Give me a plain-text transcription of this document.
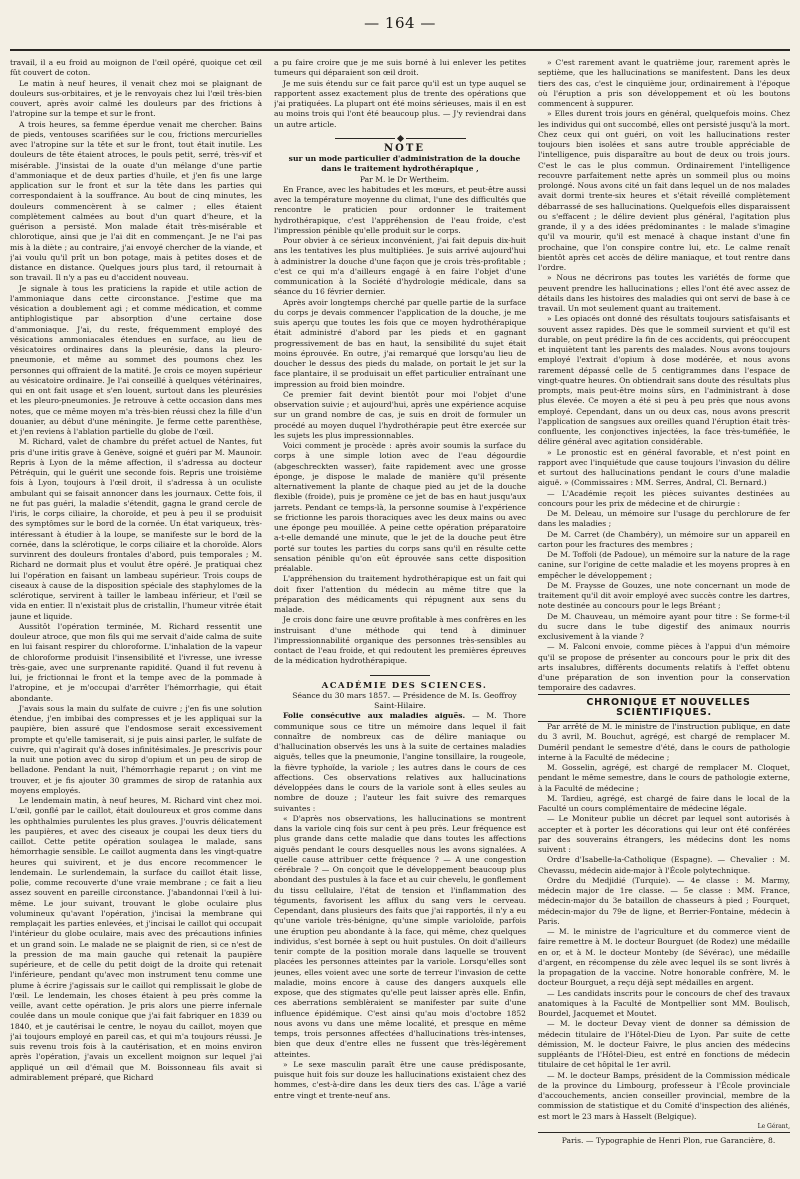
— 164 —

travail, il a eu froid au moignon de l'œil opéré, quoique cet œil fût couvert de coton.

Le matin à neuf heures, il venait chez moi se plaignant de douleurs sus-orbitaires, et je le renvoyais chez lui l'œil très-bien couvert, après avoir calmé les douleurs par des frictions à l'atropine sur la tempe et sur le front.

A trois heures, sa femme éperdue venait me chercher. Bains de pieds, ventouses scarifiées sur le cou, frictions mercurielles avec l'atropine sur la tête et sur le front, tout était inutile. Les douleurs de tête étaient atroces, le pouls petit, serré, très-vif et misérable. J'insistai de la ouate d'un mélange d'une partie d'ammoniaque et de deux parties d'huile, et j'en fis une large application sur le front et sur la tête dans les parties qui correspondaient à la souffrance. Au bout de cinq minutes, les douleurs commencèrent à se calmer ; elles étaient complètement calmées au bout d'un quart d'heure, et la guérison a persisté. Mon malade était très-misérable et chlorotique, ainsi que je l'ai dit en commençant. Je ne l'ai pas mis à la diète ; au contraire, j'ai envoyé chercher de la viande, et j'ai voulu qu'il prît un bon potage, mais à petites doses et de distance en distance. Quelques jours plus tard, il retournait à son travail. Il n'y a pas eu d'accident nouveau.

Je signale à tous les praticiens la rapide et utile action de l'ammoniaque dans cette circonstance. J'estime que ma vésication a doublement agi ; et comme médication, et comme antiphlogistique par absorption d'une certaine dose d'ammoniaque. J'ai, du reste, fréquemment employé des vésications ammoniacales étendues en surface, au lieu de vésicatoires ordinaires dans la pleurésie, dans la pleuro-pneumonie, et même au sommet des poumons chez les personnes qui offraient de la matité. Je crois ce moyen supérieur au vésicatoire ordinaire. Je l'ai conseillé à quelques vétérinaires, qui en ont fait usage et s'en louent, surtout dans les pleurésies et les pleuro-pneumonies. Je retrouve à cette occasion dans mes notes, que ce même moyen m'a très-bien réussi chez la fille d'un douanier, au début d'une méningite. Je ferme cette parenthèse, et j'en reviens à l'ablation partielle du globe de l'œil.

M. Richard, valet de chambre du préfet actuel de Nantes, fut pris d'une iritis grave à Genève, soigné et guéri par M. Maunoir. Repris à Lyon de la même affection, il s'adressa au docteur Pétréquin, qui le guérit une seconde fois. Repris une troisième fois à Lyon, toujours à l'œil droit, il s'adressa à un oculiste ambulant qui se faisait annoncer dans les journaux. Cette fois, il ne fut pas guéri, la maladie s'étendit, gagna le grand cercle de l'iris, le corps ciliaire, la choroïde, et peu à peu il se produisit des symptômes sur le bord de la cornée. Un état variqueux, très-intéressant à étudier à la loupe, se manifeste sur le bord de la cornée, dans la sclérotique, le corps ciliaire et la choroïde. Alors survinrent des douleurs frontales d'abord, puis temporales ; M. Richard ne dormait plus et voulut être opéré. Je pratiquai chez lui l'opération en faisant un lambeau supérieur. Trois coups de ciseaux à cause de la disposition spéciale des staphylomes de la sclérotique, servirent à tailler le lambeau inférieur, et l'œil se vida en entier. Il n'existait plus de cristallin, l'humeur vitrée était jaune et liquide.

Aussitôt l'opération terminée, M. Richard ressentit une douleur atroce, que mon fils qui me servait d'aide calma de suite en lui faisant respirer du chloroforme. L'inhalation de la vapeur de chloroforme produisit l'insensibilité et l'ivresse, une ivresse très-gaie, avec une surprenante rapidité. Quand il fut revenu à lui, je frictionnai le front et la tempe avec de la pommade à l'atropine, et je m'occupai d'arrêter l'hémorrhagie, qui était abondante.

J'avais sous la main du sulfate de cuivre ; j'en fis une solution étendue, j'en imbibai des compresses et je les appliquai sur la paupière, bien assuré que l'endosmose serait excessivement prompte et qu'elle tamiserait, si je puis ainsi parler, le sulfate de cuivre, qui n'agirait qu'à doses infinitésimales. Je prescrivis pour la nuit une potion avec du sirop d'opium et un peu de sirop de belladone. Pendant la nuit, l'hémorrhagie reparut ; on vint me trouver, et je fis ajouter 30 grammes de sirop de ratanhia aux moyens employés.

Le lendemain matin, à neuf heures, M. Richard vint chez moi. L'œil, gonflé par le caillot, était douloureux et gros comme dans les ophthalmies purulentes les plus graves. J'ouvris délicatement les paupières, et avec des ciseaux je coupai les deux tiers du caillot. Cette petite opération soulagea le malade, sans hémorrhagie sensible. Le caillot augmenta dans les vingt-quatre heures qui suivirent, et je dus encore recommencer le lendemain. Le surlendemain, la surface du caillot était lisse, polie, comme recouverte d'une vraie membrane ; ce fait a lieu assez souvent en pareille circonstance. J'abandonnai l'œil à lui-même. Le jour suivant, trouvant le globe oculaire plus volumineux qu'avant l'opération, j'incisai la membrane qui remplaçait les parties enlevées, et j'incisai le caillot qui occupait l'intérieur du globe oculaire, mais avec des précautions infinies et un grand soin. Le malade ne se plaignit de rien, si ce n'est de la pression de ma main gauche qui retenait la paupière supérieure, et de celle du petit doigt de la droite qui retenait l'inférieure, pendant qu'avec mon instrument tenu comme une plume à écrire j'agissais sur le caillot qui remplissait le globe de l'œil. Le lendemain, les choses étaient à peu près comme la veille, avant cette opération. Je pris alors une pierre infernale coulée dans un moule conique que j'ai fait fabriquer en 1839 ou 1840, et je cautérisai le centre, le noyau du caillot, moyen que j'ai toujours employé en pareil cas, et qui m'a toujours réussi. Je suis revenu trois fois à la cautérisation, et en moins environ après l'opération, j'avais un excellent moignon sur lequel j'ai appliqué un œil d'émail que M. Boissonneau fils avait si admirablement préparé, que Richard

a pu faire croire que je me suis borné à lui enlever les petites tumeurs qui déparaient son œil droit.

Je me suis étendu sur ce fait parce qu'il est un type auquel se rapportent assez exactement plus de trente des opérations que j'ai pratiquées. La plupart ont été moins sérieuses, mais il en est au moins trois qui l'ont été beaucoup plus. — J'y reviendrai dans un autre article.

NOTE

sur un mode particulier d'administration de la douche dans le traitement hydrothérapique ,

Par M. le Dr Wertheim.

En France, avec les habitudes et les mœurs, et peut-être aussi avec la température moyenne du climat, l'une des difficultés que rencontre le praticien pour ordonner le traitement hydrothérapique, c'est l'appréhension de l'eau froide, c'est l'impression pénible qu'elle produit sur le corps.

Pour obvier à ce sérieux inconvénient, j'ai fait depuis dix-huit ans les tentatives les plus multipliées. Je suis arrivé aujourd'hui à administrer la douche d'une façon que je crois très-profitable ; c'est ce qui m'a d'ailleurs engagé à en faire l'objet d'une communication à la Société d'hydrologie médicale, dans sa séance du 16 février dernier.

Après avoir longtemps cherché par quelle partie de la surface du corps je devais commencer l'application de la douche, je me suis aperçu que toutes les fois que ce moyen hydrothérapique était administré d'abord par les pieds et en gagnant progressivement de bas en haut, la sensibilité du sujet était moins éprouvée. En outre, j'ai remarqué que lorsqu'au lieu de doucher le dessus des pieds du malade, on portait le jet sur la face plantaire, il se produisait un effet particulier entraînant une impression au froid bien moindre.

Ce premier fait devint bientôt pour moi l'objet d'une observation suivie ; et aujourd'hui, après une expérience acquise sur un grand nombre de cas, je suis en droit de formuler un procédé au moyen duquel l'hydrothérapie peut être exercée sur les sujets les plus impressionnables.

Voici comment je procède : après avoir soumis la surface du corps à une simple lotion avec de l'eau dégourdie (abgeschreckten wasser), faite rapidement avec une grosse éponge, je dispose le malade de manière qu'il présente alternativement la plante de chaque pied au jet de la douche flexible (froide), puis je promène ce jet de bas en haut jusqu'aux jarrets. Pendant ce temps-là, la personne soumise à l'expérience se frictionne les parois thoraciques avec les deux mains ou avec une éponge peu mouillée. A peine cette opération préparatoire a-t-elle demandé une minute, que le jet de la douche peut être porté sur toutes les parties du corps sans qu'il en résulte cette sensation pénible qu'on eût éprouvée sans cette disposition préalable.

L'appréhension du traitement hydrothérapique est un fait qui doit fixer l'attention du médecin au même titre que la préparation des médicaments qui répugnent aux sens du malade.

Je crois donc faire une œuvre profitable à mes confrères en les instruisant d'une méthode qui tend à diminuer l'impressionnabilité organique des personnes très-sensibles au contact de l'eau froide, et qui redoutent les premières épreuves de la médication hydrothérapique.

ACADÉMIE DES SCIENCES.

Séance du 30 mars 1857. — Présidence de M. Is. Geoffroy Saint-Hilaire.

Folie consécutive aux maladies aiguës. — M. Thore communique sous ce titre un mémoire dans lequel il fait connaître de nombreux cas de délire maniaque ou d'hallucination observés les uns à la suite de certaines maladies aiguës, telles que la pneumonie, l'angine tonsillaire, la rougeole, la fièvre typhoïde, la variole ; les autres dans le cours de ces affections. Ces observations relatives aux hallucinations développées dans le cours de la variole sont à elles seules au nombre de douze ; l'auteur les fait suivre des remarques suivantes :

« D'après nos observations, les hallucinations se montrent dans la variole cinq fois sur cent à peu près. Leur fréquence est plus grande dans cette maladie que dans toutes les affections aiguës pendant le cours desquelles nous les avons signalées. A quelle cause attribuer cette fréquence ? — A une congestion cérébrale ? — On conçoit que le développement beaucoup plus abondant des pustules à la face et au cuir chevelu, le gonflement du tissu cellulaire, l'état de tension et l'inflammation des téguments, favorisent les afflux du sang vers le cerveau. Cependant, dans plusieurs des faits que j'ai rapportés, il n'y a eu qu'une variole très-bénigne, qu'une simple varioloïde, parfois une éruption peu abondante à la face, qui même, chez quelques individus, s'est bornée à sept ou huit pustules. On doit d'ailleurs tenir compte de la position morale dans laquelle se trouvent placées les personnes atteintes par la variole. Lorsqu'elles sont jeunes, elles voient avec une sorte de terreur l'invasion de cette maladie, moins encore à cause des dangers auxquels elle expose, que des stigmates qu'elle peut laisser après elle. Enfin, ces aberrations semblèraient se manifester par suite d'une influence épidémique. C'est ainsi qu'au mois d'octobre 1852 nous avons vu dans une même localité, et presque en même temps, trois personnes affectées d'hallucinations très-intenses, bien que deux d'entre elles ne fussent que très-légèrement atteintes.

» Le sexe masculin paraît être une cause prédisposante, puisque huit fois sur douze les hallucinations existaient chez des hommes, c'est-à-dire dans les deux tiers des cas. L'âge a varié entre vingt et trente-neuf ans.

» C'est rarement avant le quatrième jour, rarement après le septième, que les hallucinations se manifestent. Dans les deux tiers des cas, c'est le cinquième jour, ordinairement à l'époque où l'éruption a pris son développement et où les boutons commencent à suppurer.

» Elles durent trois jours en général, quelquefois moins. Chez les individus qui ont succombé, elles ont persisté jusqu'à la mort. Chez ceux qui ont guéri, on voit les hallucinations rester toujours bien isolées et sans autre trouble appréciable de l'intelligence, puis disparaître au bout de deux ou trois jours. C'est le cas le plus commun. Ordinairement l'intelligence recouvre parfaitement nette après un sommeil plus ou moins prolongé. Nous avons cité un fait dans lequel un de nos malades avait dormi trente-six heures et s'était réveillé complètement débarrassé de ses hallucinations. Quelquefois elles disparaissent ou s'effacent ; le délire devient plus général, l'agitation plus grande, il y a des idées prédominantes : le malade s'imagine qu'il va mourir, qu'il est menacé à chaque instant d'une fin prochaine, que l'on conspire contre lui, etc. Le calme renaît bientôt après cet accès de délire maniaque, et tout rentre dans l'ordre.

» Nous ne décrirons pas toutes les variétés de forme que peuvent prendre les hallucinations ; elles l'ont été avec assez de détails dans les histoires des maladies qui ont servi de base à ce travail. Un mot seulement quant au traitement.

» Les opiacés ont donné des résultats toujours satisfaisants et souvent assez rapides. Dès que le sommeil survient et qu'il est durable, on peut prédire la fin de ces accidents, qui préoccupent et inquiètent tant les parents des malades. Nous avons toujours employé l'extrait d'opium à dose modérée, et nous avons rarement dépassé celle de 5 centigrammes dans l'espace de vingt-quatre heures. On obtiendrait sans doute des résultats plus prompts, mais peut-être moins sûrs, en l'administrant à dose plus élevée. Ce moyen a été si peu à peu près que nous avons employé. Cependant, dans un ou deux cas, nous avons prescrit l'application de sangsues aux oreilles quand l'éruption était très-confluente, les conjonctives injectées, la face très-tuméfiée, le délire général avec agitation considérable.

» Le pronostic est en général favorable, et n'est point en rapport avec l'inquiétude que cause toujours l'invasion du délire et surtout des hallucinations pendant le cours d'une maladie aiguë. » (Commissaires : MM. Serres, Andral, Cl. Bernard.)

— L'Académie reçoit les pièces suivantes destinées au concours pour les prix de médecine et de chirurgie :

De M. Deleau, un mémoire sur l'usage du perchlorure de fer dans les maladies ;

De M. Carret (de Chambéry), un mémoire sur un appareil en carton pour les fractures des membres ;

De M. Toffoli (de Padoue), un mémoire sur la nature de la rage canine, sur l'origine de cette maladie et les moyens propres à en empêcher le développement ;

De M. Fraysse de Gouzes, une note concernant un mode de traitement qu'il dit avoir employé avec succès contre les dartres, note destinée au concours pour le legs Bréant ;

De M. Chauveau, un mémoire ayant pour titre : Se forme-t-il du sucre dans le tube digestif des animaux nourris exclusivement à la viande ?

— M. Falconi envoie, comme pièces à l'appui d'un mémoire qu'il se propose de présenter au concours pour le prix dit des arts insalubres, différents documents relatifs à l'effet obtenu d'une préparation de son invention pour la conservation temporaire des cadavres.

CHRONIQUE ET NOUVELLES SCIENTIFIQUES.

Par arrêté de M. le ministre de l'instruction publique, en date du 3 avril, M. Bouchut, agrégé, est chargé de remplacer M. Duméril pendant le semestre d'été, dans le cours de pathologie interne à la Faculté de médecine ;

M. Gosselin, agrégé, est chargé de remplacer M. Cloquet, pendant le même semestre, dans le cours de pathologie externe, à la Faculté de médecine ;

M. Tardieu, agrégé, est chargé de faire dans le local de la Faculté un cours complémentaire de médecine légale.

— Le Moniteur publie un décret par lequel sont autorisés à accepter et à porter les décorations qui leur ont été conférées par des souverains étrangers, les médecins dont les noms suivent :

Ordre d'Isabelle-la-Catholique (Espagne). — Chevalier : M. Chevassu, médecin aide-major à l'École polytechnique.

Ordre du Medjidié (Turquie). — 4e classe : M. Marmy, médecin major de 1re classe. — 5e classe : MM. France, médecin-major du 3e bataillon de chasseurs à pied ; Fourquet, médecin-major du 79e de ligne, et Berrier-Fontaine, médecin à Paris.

— M. le ministre de l'agriculture et du commerce vient de faire remettre à M. le docteur Bourguet (de Rodez) une médaille en or, et à M. le docteur Monteby (de Sévérac), une médaille d'argent, en récompense du zèle avec lequel ils se sont livrés à la propagation de la vaccine. Notre honorable confrère, M. le docteur Bourguet, a reçu déjà sept médailles en argent.

— Les candidats inscrits pour le concours de chef des travaux anatomiques à la Faculté de Montpellier sont MM. Boulisch, Bourdel, Jacquemet et Moutet.

— M. le docteur Devay vient de donner sa démission de médecin titulaire de l'Hôtel-Dieu de Lyon. Par suite de cette démission, M. le docteur Faivre, le plus ancien des médecins suppléants de l'Hôtel-Dieu, est entré en fonctions de médecin titulaire de cet hôpital le 1er avril.

— M. le docteur Bamps, président de la Commission médicale de la province du Limbourg, professeur à l'École provinciale d'accouchements, ancien conseiller provincial, membre de la commission de statistique et du Comité d'inspection des aliénés, est mort le 23 mars à Hasselt (Belgique).

Le Gérant,

Paris. — Typographie de Henri Plon, rue Garancière, 8.
